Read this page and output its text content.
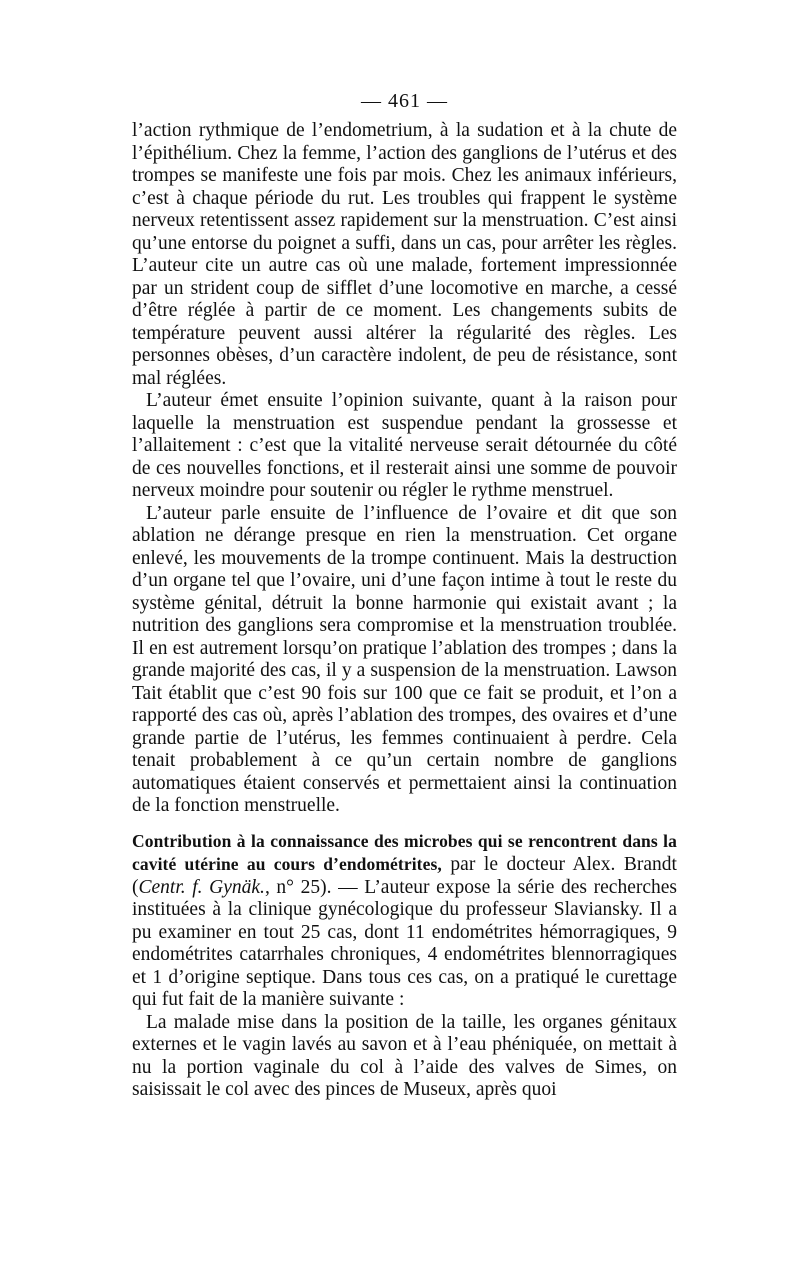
— 461 —

l’action rythmique de l’endometrium, à la sudation et à la chute de l’épithélium. Chez la femme, l’action des ganglions de l’utérus et des trompes se manifeste une fois par mois. Chez les animaux inférieurs, c’est à chaque période du rut. Les troubles qui frappent le système nerveux retentissent assez rapidement sur la menstruation. C’est ainsi qu’une entorse du poignet a suffi, dans un cas, pour arrêter les règles. L’auteur cite un autre cas où une malade, fortement impressionnée par un strident coup de sifflet d’une locomotive en marche, a cessé d’être réglée à partir de ce moment. Les changements subits de température peuvent aussi altérer la régularité des règles. Les personnes obèses, d’un caractère indolent, de peu de résistance, sont mal réglées.

L’auteur émet ensuite l’opinion suivante, quant à la raison pour laquelle la menstruation est suspendue pendant la grossesse et l’allaitement : c’est que la vitalité nerveuse serait détournée du côté de ces nouvelles fonctions, et il resterait ainsi une somme de pouvoir nerveux moindre pour soutenir ou régler le rythme menstruel.

L’auteur parle ensuite de l’influence de l’ovaire et dit que son ablation ne dérange presque en rien la menstruation. Cet organe enlevé, les mouvements de la trompe continuent. Mais la destruction d’un organe tel que l’ovaire, uni d’une façon intime à tout le reste du système génital, détruit la bonne harmonie qui existait avant ; la nutrition des ganglions sera compromise et la menstruation troublée. Il en est autrement lorsqu’on pratique l’ablation des trompes ; dans la grande majorité des cas, il y a suspension de la menstruation. Lawson Tait établit que c’est 90 fois sur 100 que ce fait se produit, et l’on a rapporté des cas où, après l’ablation des trompes, des ovaires et d’une grande partie de l’utérus, les femmes continuaient à perdre. Cela tenait probablement à ce qu’un certain nombre de ganglions automatiques étaient conservés et permettaient ainsi la continuation de la fonction menstruelle.

Contribution à la connaissance des microbes qui se rencontrent dans la cavité utérine au cours d’endométrites, par le docteur Alex. Brandt (Centr. f. Gynäk., n° 25). — L’auteur expose la série des recherches instituées à la clinique gynécologique du professeur Slaviansky. Il a pu examiner en tout 25 cas, dont 11 endométrites hémorragiques, 9 endométrites catarrhales chroniques, 4 endométrites blennorragiques et 1 d’origine septique. Dans tous ces cas, on a pratiqué le curettage qui fut fait de la manière suivante :

La malade mise dans la position de la taille, les organes génitaux externes et le vagin lavés au savon et à l’eau phéniquée, on mettait à nu la portion vaginale du col à l’aide des valves de Simes, on saisissait le col avec des pinces de Museux, après quoi
